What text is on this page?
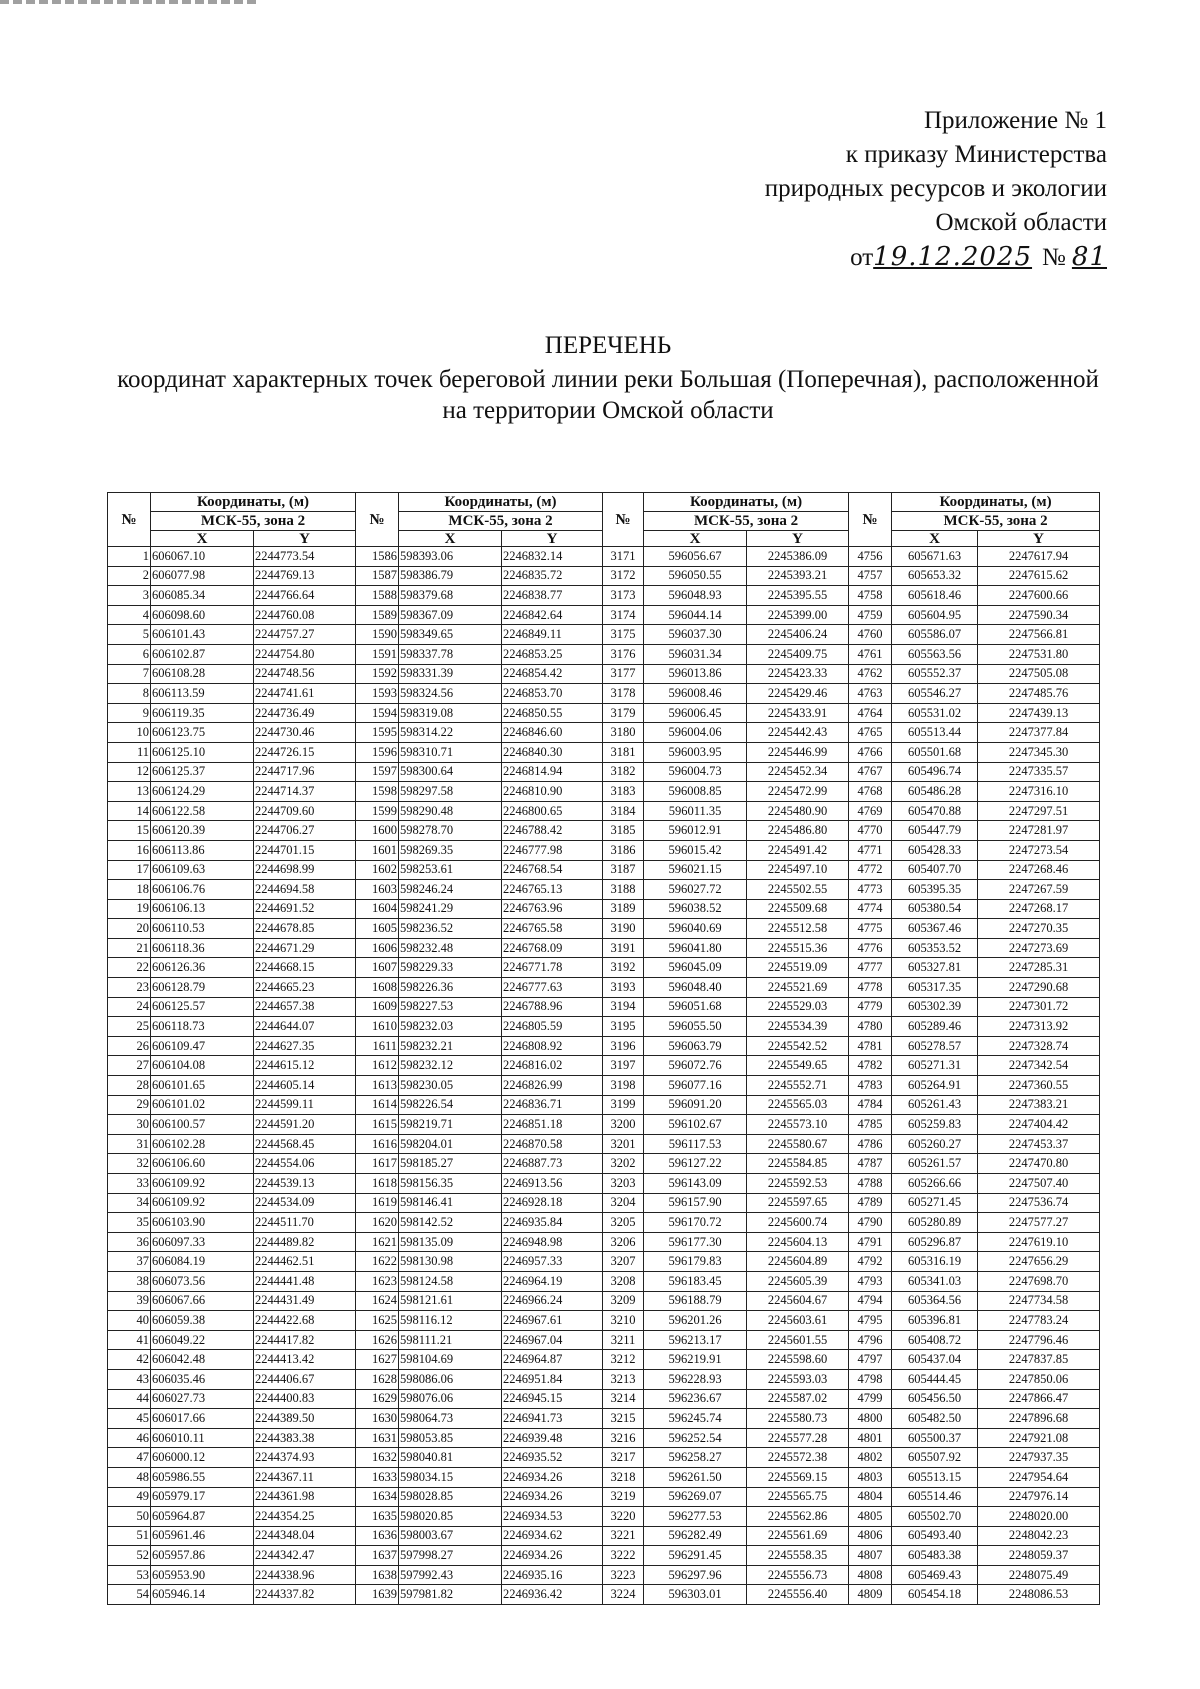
Приложение № 1
к приказу Министерства
природных ресурсов и экологии
Омской области
от 19.12.2025 № 81
ПЕРЕЧЕНЬ
координат характерных точек береговой линии реки Большая (Поперечная), расположенной
на территории Омской области
№	Координаты, (м)		№	Координаты, (м)		№	Координаты, (м)		№	Координаты, (м)	
	МСК-55, зона 2			МСК-55, зона 2			МСК-55, зона 2			МСК-55, зона 2	
	X	Y		X	Y		X	Y		X	Y
1	606067.10	2244773.54	1586	598393.06	2246832.14	3171	596056.67	2245386.09	4756	605671.63	2247617.94
2	606077.98	2244769.13	1587	598386.79	2246835.72	3172	596050.55	2245393.21	4757	605653.32	2247615.62
3	606085.34	2244766.64	1588	598379.68	2246838.77	3173	596048.93	2245395.55	4758	605618.46	2247600.66
4	606098.60	2244760.08	1589	598367.09	2246842.64	3174	596044.14	2245399.00	4759	605604.95	2247590.34
5	606101.43	2244757.27	1590	598349.65	2246849.11	3175	596037.30	2245406.24	4760	605586.07	2247566.81
6	606102.87	2244754.80	1591	598337.78	2246853.25	3176	596031.34	2245409.75	4761	605563.56	2247531.80
7	606108.28	2244748.56	1592	598331.39	2246854.42	3177	596013.86	2245423.33	4762	605552.37	2247505.08
8	606113.59	2244741.61	1593	598324.56	2246853.70	3178	596008.46	2245429.46	4763	605546.27	2247485.76
9	606119.35	2244736.49	1594	598319.08	2246850.55	3179	596006.45	2245433.91	4764	605531.02	2247439.13
10	606123.75	2244730.46	1595	598314.22	2246846.60	3180	596004.06	2245442.43	4765	605513.44	2247377.84
11	606125.10	2244726.15	1596	598310.71	2246840.30	3181	596003.95	2245446.99	4766	605501.68	2247345.30
12	606125.37	2244717.96	1597	598300.64	2246814.94	3182	596004.73	2245452.34	4767	605496.74	2247335.57
13	606124.29	2244714.37	1598	598297.58	2246810.90	3183	596008.85	2245472.99	4768	605486.28	2247316.10
14	606122.58	2244709.60	1599	598290.48	2246800.65	3184	596011.35	2245480.90	4769	605470.88	2247297.51
15	606120.39	2244706.27	1600	598278.70	2246788.42	3185	596012.91	2245486.80	4770	605447.79	2247281.97
16	606113.86	2244701.15	1601	598269.35	2246777.98	3186	596015.42	2245491.42	4771	605428.33	2247273.54
17	606109.63	2244698.99	1602	598253.61	2246768.54	3187	596021.15	2245497.10	4772	605407.70	2247268.46
18	606106.76	2244694.58	1603	598246.24	2246765.13	3188	596027.72	2245502.55	4773	605395.35	2247267.59
19	606106.13	2244691.52	1604	598241.29	2246763.96	3189	596038.52	2245509.68	4774	605380.54	2247268.17
20	606110.53	2244678.85	1605	598236.52	2246765.58	3190	596040.69	2245512.58	4775	605367.46	2247270.35
21	606118.36	2244671.29	1606	598232.48	2246768.09	3191	596041.80	2245515.36	4776	605353.52	2247273.69
22	606126.36	2244668.15	1607	598229.33	2246771.78	3192	596045.09	2245519.09	4777	605327.81	2247285.31
23	606128.79	2244665.23	1608	598226.36	2246777.63	3193	596048.40	2245521.69	4778	605317.35	2247290.68
24	606125.57	2244657.38	1609	598227.53	2246788.96	3194	596051.68	2245529.03	4779	605302.39	2247301.72
25	606118.73	2244644.07	1610	598232.03	2246805.59	3195	596055.50	2245534.39	4780	605289.46	2247313.92
26	606109.47	2244627.35	1611	598232.21	2246808.92	3196	596063.79	2245542.52	4781	605278.57	2247328.74
27	606104.08	2244615.12	1612	598232.12	2246816.02	3197	596072.76	2245549.65	4782	605271.31	2247342.54
28	606101.65	2244605.14	1613	598230.05	2246826.99	3198	596077.16	2245552.71	4783	605264.91	2247360.55
29	606101.02	2244599.11	1614	598226.54	2246836.71	3199	596091.20	2245565.03	4784	605261.43	2247383.21
30	606100.57	2244591.20	1615	598219.71	2246851.18	3200	596102.67	2245573.10	4785	605259.83	2247404.42
31	606102.28	2244568.45	1616	598204.01	2246870.58	3201	596117.53	2245580.67	4786	605260.27	2247453.37
32	606106.60	2244554.06	1617	598185.27	2246887.73	3202	596127.22	2245584.85	4787	605261.57	2247470.80
33	606109.92	2244539.13	1618	598156.35	2246913.56	3203	596143.09	2245592.53	4788	605266.66	2247507.40
34	606109.92	2244534.09	1619	598146.41	2246928.18	3204	596157.90	2245597.65	4789	605271.45	2247536.74
35	606103.90	2244511.70	1620	598142.52	2246935.84	3205	596170.72	2245600.74	4790	605280.89	2247577.27
36	606097.33	2244489.82	1621	598135.09	2246948.98	3206	596177.30	2245604.13	4791	605296.87	2247619.10
37	606084.19	2244462.51	1622	598130.98	2246957.33	3207	596179.83	2245604.89	4792	605316.19	2247656.29
38	606073.56	2244441.48	1623	598124.58	2246964.19	3208	596183.45	2245605.39	4793	605341.03	2247698.70
39	606067.66	2244431.49	1624	598121.61	2246966.24	3209	596188.79	2245604.67	4794	605364.56	2247734.58
40	606059.38	2244422.68	1625	598116.12	2246967.61	3210	596201.26	2245603.61	4795	605396.81	2247783.24
41	606049.22	2244417.82	1626	598111.21	2246967.04	3211	596213.17	2245601.55	4796	605408.72	2247796.46
42	606042.48	2244413.42	1627	598104.69	2246964.87	3212	596219.91	2245598.60	4797	605437.04	2247837.85
43	606035.46	2244406.67	1628	598086.06	2246951.84	3213	596228.93	2245593.03	4798	605444.45	2247850.06
44	606027.73	2244400.83	1629	598076.06	2246945.15	3214	596236.67	2245587.02	4799	605456.50	2247866.47
45	606017.66	2244389.50	1630	598064.73	2246941.73	3215	596245.74	2245580.73	4800	605482.50	2247896.68
46	606010.11	2244383.38	1631	598053.85	2246939.48	3216	596252.54	2245577.28	4801	605500.37	2247921.08
47	606000.12	2244374.93	1632	598040.81	2246935.52	3217	596258.27	2245572.38	4802	605507.92	2247937.35
48	605986.55	2244367.11	1633	598034.15	2246934.26	3218	596261.50	2245569.15	4803	605513.15	2247954.64
49	605979.17	2244361.98	1634	598028.85	2246934.26	3219	596269.07	2245565.75	4804	605514.46	2247976.14
50	605964.87	2244354.25	1635	598020.85	2246934.53	3220	596277.53	2245562.86	4805	605502.70	2248020.00
51	605961.46	2244348.04	1636	598003.67	2246934.62	3221	596282.49	2245561.69	4806	605493.40	2248042.23
52	605957.86	2244342.47	1637	597998.27	2246934.26	3222	596291.45	2245558.35	4807	605483.38	2248059.37
53	605953.90	2244338.96	1638	597992.43	2246935.16	3223	596297.96	2245556.73	4808	605469.43	2248075.49
54	605946.14	2244337.82	1639	597981.82	2246936.42	3224	596303.01	2245556.40	4809	605454.18	2248086.53
